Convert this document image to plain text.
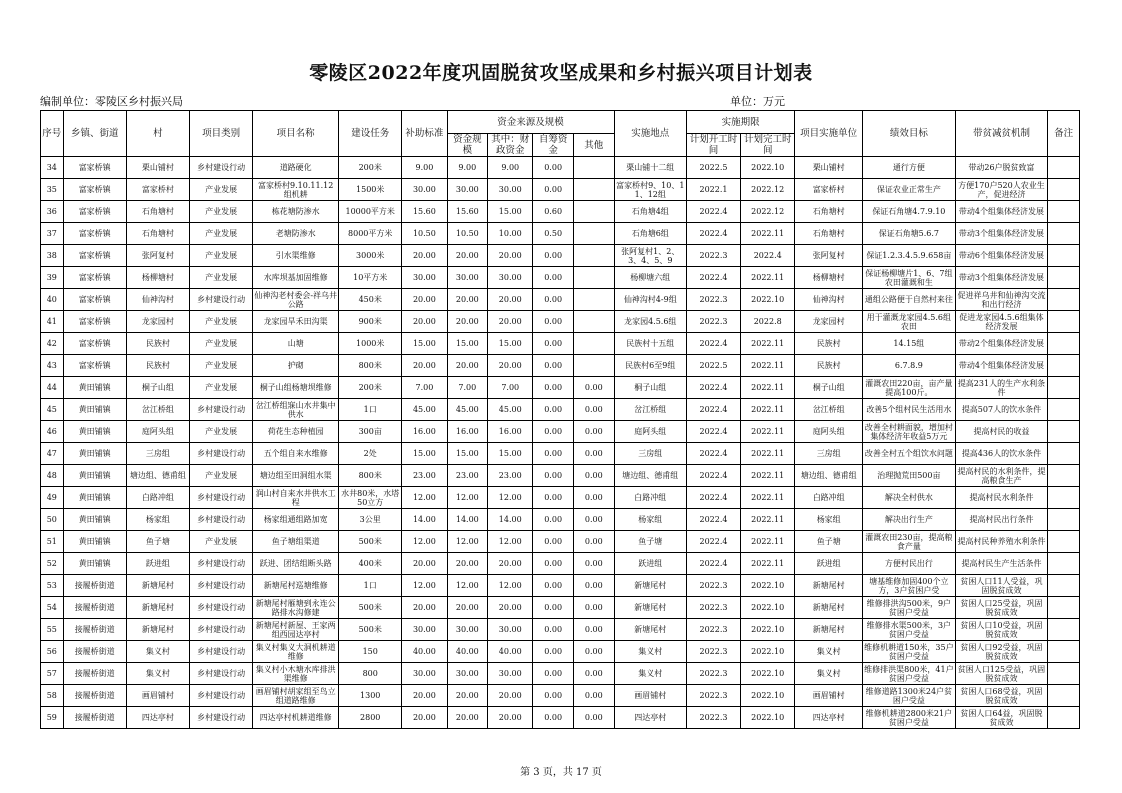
零陵区2022年度巩固脱贫攻坚成果和乡村振兴项目计划表
编制单位：零陵区乡村振兴局	单位：万元
序号	乡镇、街道	村	项目类别	项目名称	建设任务	补助标准	资金来源及规模				实施地点	实施期限		项目实施单位	绩效目标	带贫减贫机制	备注
							资金规模	其中：财政资金	自筹资金	其他		计划开工时间	计划完工时间				
34	富家桥镇	栗山铺村	乡村建设行动	道路硬化	200米	9.00	9.00	9.00	0.00		栗山铺十二组	2022.5	2022.10	栗山铺村	通行方便	带动26户脱贫致富	
35	富家桥镇	富家桥村	产业发展	富家桥村9.10.11.12组机耕	1500米	30.00	30.00	30.00	0.00		富家桥村9、10、11、12组	2022.1	2022.12	富家桥村	保证农业正常生产	方便170户520人农业生产，促进经济	
36	富家桥镇	石角塘村	产业发展	栋花塘防渗水	10000平方米	15.60	15.60	15.00	0.60		石角塘4组	2022.4	2022.12	石角塘村	保证石角塘4.7.9.10	带动4个组集体经济发展	
37	富家桥镇	石角塘村	产业发展	老塘防渗水	8000平方米	10.50	10.50	10.00	0.50		石角塘6组	2022.4	2022.11	石角塘村	保证石角塘5.6.7	带动3个组集体经济发展	
38	富家桥镇	张阿复村	产业发展	引水渠维修	3000米	20.00	20.00	20.00	0.00		张阿复村1、2、3、4、5、9	2022.3	2022.4	张阿复村	保证1.2.3.4.5.9.658亩	带动6个组集体经济发展	
39	富家桥镇	杨柳塘村	产业发展	水库坝基加固维修	10平方米	30.00	30.00	30.00	0.00		杨柳塘六组	2022.4	2022.11	杨柳塘村	保证杨柳塘片1、6、7组农田灌溉和生	带动3个组集体经济发展	
40	富家桥镇	仙神沟村	乡村建设行动	仙神沟老村委会-祥乌井公路	450米	20.00	20.00	20.00	0.00		仙神沟村4-9组	2022.3	2022.10	仙神沟村	通组公路便于自然村来往	促进祥乌井和仙神沟交流和出行经济	
41	富家桥镇	龙家园村	产业发展	龙家园旱禾田沟渠	900米	20.00	20.00	20.00	0.00		龙家园4.5.6组	2022.3	2022.8	龙家园村	用于灌溉龙家园4.5.6组农田	促进龙家园4.5.6组集体经济发展	
42	富家桥镇	民族村	产业发展	山塘	1000米	15.00	15.00	15.00	0.00		民族村十五组	2022.4	2022.11	民族村	14.15组	带动2个组集体经济发展	
43	富家桥镇	民族村	产业发展	护砌	800米	20.00	20.00	20.00	0.00		民族村6至9组	2022.5	2022.11	民族村	6.7.8.9	带动4个组集体经济发展	
44	黄田铺镇	桐子山组	产业发展	桐子山组杨塘坝维修	200米	7.00	7.00	7.00	0.00	0.00	桐子山组	2022.4	2022.11	桐子山组	灌溉农田220亩，亩产量提高100斤。	提高231人的生产水利条件	
45	黄田铺镇	岔江桥组	乡村建设行动	岔江桥组寐山水井集中供水	1口	45.00	45.00	45.00	0.00	0.00	岔江桥组	2022.4	2022.11	岔江桥组	改善5个组村民生活用水	提高507人的饮水条件	
46	黄田铺镇	庭阿头组	产业发展	荷花生态种植园	300亩	16.00	16.00	16.00	0.00	0.00	庭阿头组	2022.4	2022.11	庭阿头组	改善全村耕面貌，增加村集体经济年收益5万元	提高村民的收益	
47	黄田铺镇	三房组	乡村建设行动	五个组自来水维修	2处	15.00	15.00	15.00	0.00	0.00	三房组	2022.4	2022.11	三房组	改善全村五个组饮水问题	提高436人的饮水条件	
48	黄田铺镇	塘边组、德甫组	产业发展	塘边组至田洞组水渠	800米	23.00	23.00	23.00	0.00	0.00	塘边组、德甫组	2022.4	2022.11	塘边组、德甫组	治理抛荒田500亩	提高村民的水利条件，提高粮食生产	
49	黄田铺镇	白路冲组	乡村建设行动	润山村自来水井供水工程	水井80米，水塔50立方	12.00	12.00	12.00	0.00	0.00	白路冲组	2022.4	2022.11	白路冲组	解决全村供水	提高村民水利条件	
50	黄田铺镇	杨家组	乡村建设行动	杨家组通组路加宽	3公里	14.00	14.00	14.00	0.00	0.00	杨家组	2022.4	2022.11	杨家组	解决出行生产	提高村民出行条件	
51	黄田铺镇	鱼子塘	产业发展	鱼子塘组渠道	500米	12.00	12.00	12.00	0.00	0.00	鱼子塘	2022.4	2022.11	鱼子塘	灌溉农田230亩，提高粮食产量	提高村民种养殖水利条件	
52	黄田铺镇	跃进组	乡村建设行动	跃进、团结组断头路	400米	20.00	20.00	20.00	0.00	0.00	跃进组	2022.4	2022.11	跃进组	方便村民出行	提高村民生产生活条件	
53	接履桥街道	新塘尾村	乡村建设行动	新塘尾村巡塘维修	1口	12.00	12.00	12.00	0.00	0.00	新塘尾村	2022.3	2022.10	新塘尾村	塘基维修加固400个立方，3户贫困户受	贫困人口11人受益，巩固脱贫成效	
54	接履桥街道	新塘尾村	乡村建设行动	新塘尾村雁塘到永连公路排水沟修建	500米	20.00	20.00	20.00	0.00	0.00	新塘尾村	2022.3	2022.10	新塘尾村	维修排洪沟500米，9户贫困户受益	贫困人口25受益，巩固脱贫成效	
55	接履桥街道	新塘尾村	乡村建设行动	新塘尾村新屋、王家两组西园达亭村	500米	30.00	30.00	30.00	0.00	0.00	新塘尾村	2022.3	2022.10	新塘尾村	维修排水渠500米，3户贫困户受益	贫困人口10受益，巩固脱贫成效	
56	接履桥街道	集义村	乡村建设行动	集义村集义大洞机耕道维修	150	40.00	40.00	40.00	0.00	0.00	集义村	2022.3	2022.10	集义村	维修机耕道150米，35户贫困户受益	贫困人口92受益，巩固脱贫成效	
57	接履桥街道	集义村	乡村建设行动	集义村小木塘水库排洪渠维修	800	30.00	30.00	30.00	0.00	0.00	集义村	2022.3	2022.10	集义村	维修排洪渠800米，41户贫困户受益	贫困人口125受益，巩固脱贫成效	
58	接履桥街道	画眉铺村	乡村建设行动	画眉铺村胡家组至鸟立组道路维修	1300	20.00	20.00	20.00	0.00	0.00	画眉铺村	2022.3	2022.10	画眉铺村	维修道路1300米24户贫困户受益	贫困人口68受益，巩固脱贫成效	
59	接履桥街道	四达亭村	乡村建设行动	四达亭村机耕道维修	2800	20.00	20.00	20.00	0.00	0.00	四达亭村	2022.3	2022.10	四达亭村	维修机耕道2800米21户贫困户受益	贫困人口64益，巩固脱贫成效	
第 3 页，共 17 页
